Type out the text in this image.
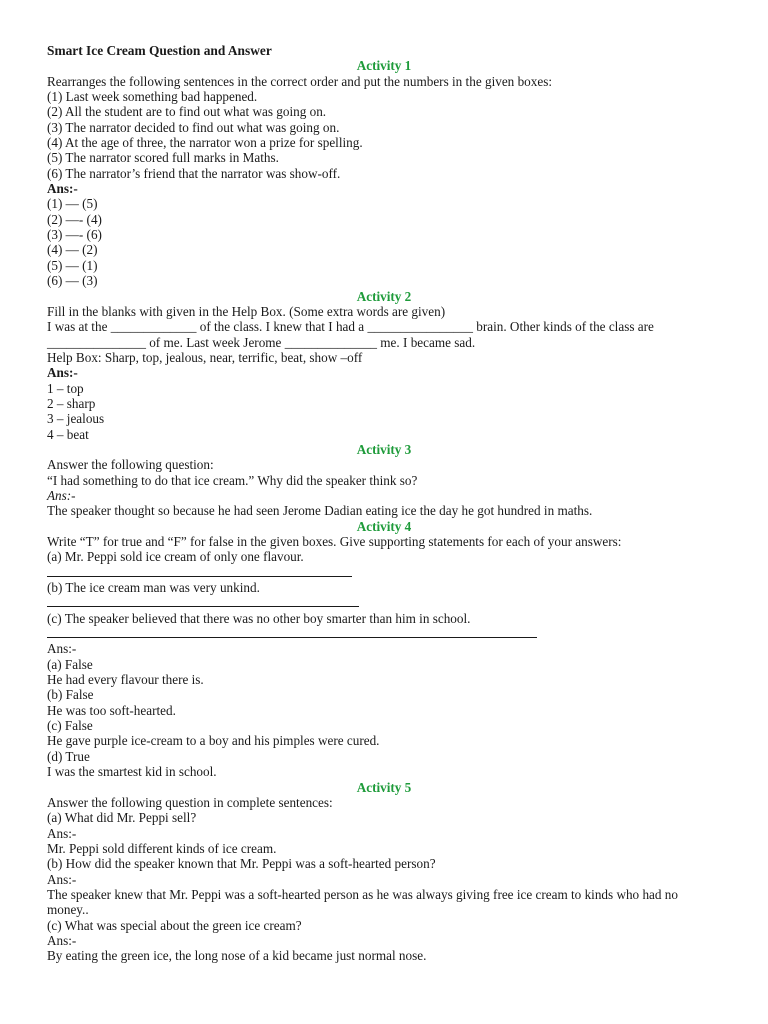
Smart Ice Cream Question and Answer
Activity 1
Rearranges the following sentences in the correct order and put the numbers in the given boxes:
(1) Last week something bad happened.
(2) All the student are to find out what was going on.
(3) The narrator decided to find out what was going on.
(4) At the age of three, the narrator won a prize for spelling.
(5) The narrator scored full marks in Maths.
(6) The narrator’s friend that the narrator was show-off.
Ans:-
(1) — (5)
(2) —- (4)
(3) —- (6)
(4) — (2)
(5) — (1)
(6) — (3)
Activity 2
Fill in the blanks with given in the Help Box. (Some extra words are given)
I was at the _____________ of the class. I knew that I had a ________________ brain. Other kinds of the class are
_______________ of me. Last week Jerome ______________ me. I became sad.
Help Box: Sharp, top, jealous, near, terrific, beat, show –off
Ans:-
1 – top
2 – sharp
3 – jealous
4 – beat
Activity 3
Answer the following question:
“I had something to do that ice cream.” Why did the speaker think so?
Ans:-
The speaker thought so because he had seen Jerome Dadian eating ice the day he got hundred in maths.
Activity 4
Write “T” for true and “F” for false in the given boxes. Give supporting statements for each of your answers:
(a) Mr. Peppi sold ice cream of only one flavour.
(b) The ice cream man was very unkind.
(c) The speaker believed that there was no other boy smarter than him in school.
Ans:-
(a) False
He had every flavour there is.
(b) False
He was too soft-hearted.
(c) False
He gave purple ice-cream to a boy and his pimples were cured.
(d) True
I was the smartest kid in school.
Activity 5
Answer the following question in complete sentences:
(a) What did Mr. Peppi sell?
Ans:-
Mr. Peppi sold different kinds of ice cream.
(b) How did the speaker known that Mr. Peppi was a soft-hearted person?
Ans:-
The speaker knew that Mr. Peppi was a soft-hearted person as he was always giving free ice cream to kinds who had no money..
(c) What was special about the green ice cream?
Ans:-
By eating the green ice, the long nose of a kid became just normal nose.
